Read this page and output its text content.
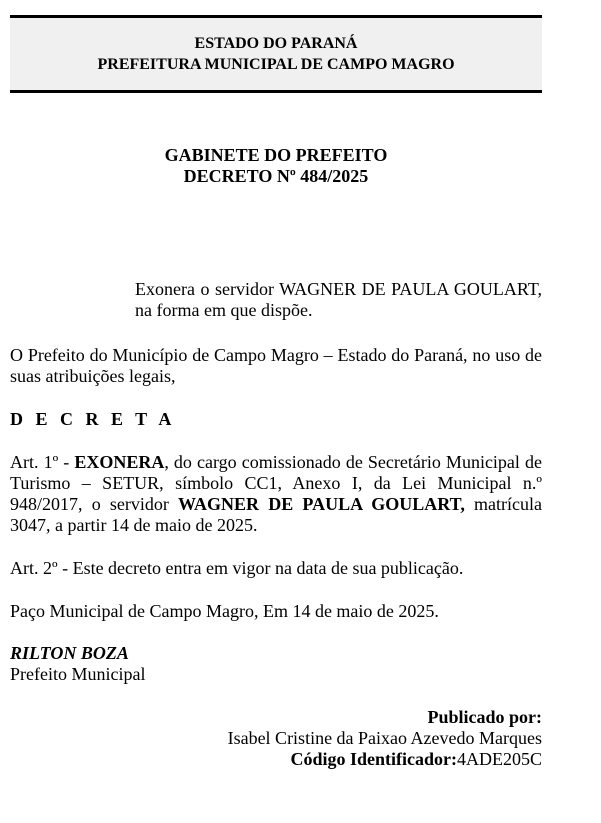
ESTADO DO PARANÁ
PREFEITURA MUNICIPAL DE CAMPO MAGRO
GABINETE DO PREFEITO
DECRETO Nº 484/2025
Exonera o servidor WAGNER DE PAULA GOULART, na forma em que dispõe.

O Prefeito do Município de Campo Magro – Estado do Paraná, no uso de suas atribuições legais,

D E C R E T A

Art. 1º - EXONERA, do cargo comissionado de Secretário Municipal de Turismo – SETUR, símbolo CC1, Anexo I, da Lei Municipal n.º 948/2017, o servidor WAGNER DE PAULA GOULART, matrícula 3047, a partir 14 de maio de 2025.

Art. 2º - Este decreto entra em vigor na data de sua publicação.

Paço Municipal de Campo Magro, Em 14 de maio de 2025.

RILTON BOZA
Prefeito Municipal
Publicado por:
Isabel Cristine da Paixao Azevedo Marques
Código Identificador:4ADE205C
